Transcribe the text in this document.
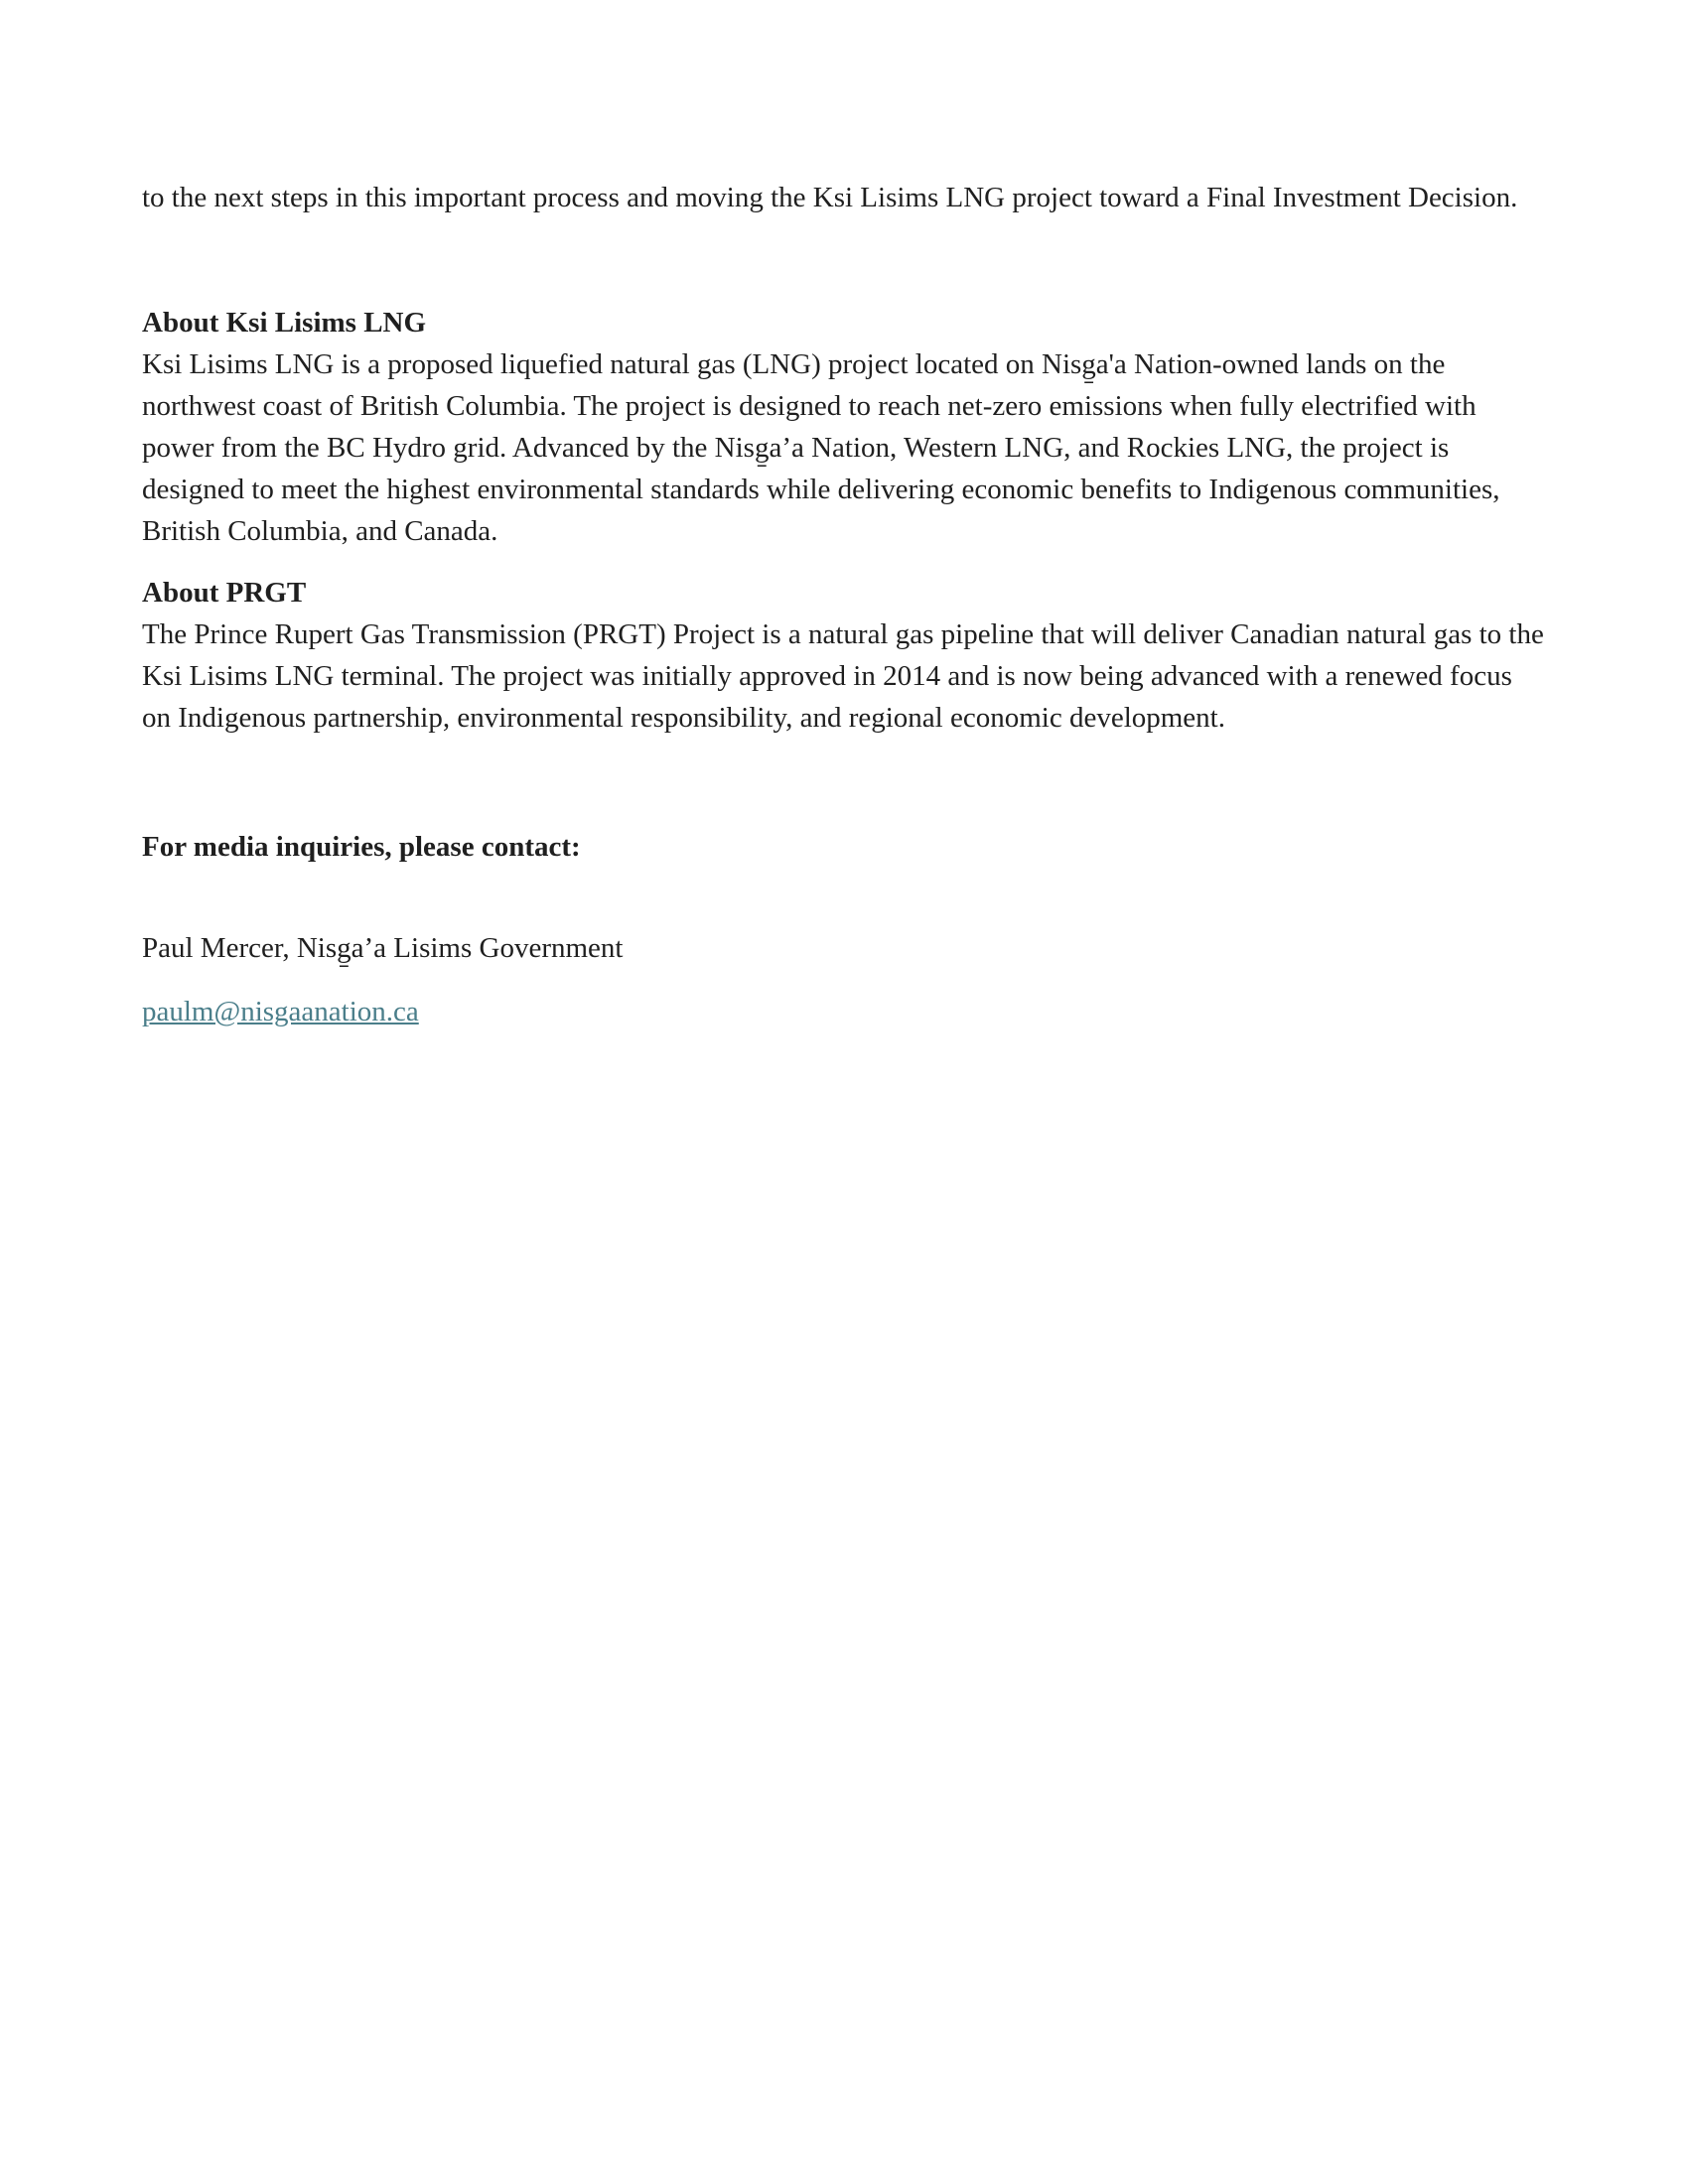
to the next steps in this important process and moving the Ksi Lisims LNG project toward a Final Investment Decision.

About Ksi Lisims LNG

Ksi Lisims LNG is a proposed liquefied natural gas (LNG) project located on Nisg̱a'a Nation-owned lands on the northwest coast of British Columbia. The project is designed to reach net-zero emissions when fully electrified with power from the BC Hydro grid. Advanced by the Nisg̱a’a Nation, Western LNG, and Rockies LNG, the project is designed to meet the highest environmental standards while delivering economic benefits to Indigenous communities, British Columbia, and Canada.

About PRGT

The Prince Rupert Gas Transmission (PRGT) Project is a natural gas pipeline that will deliver Canadian natural gas to the Ksi Lisims LNG terminal. The project was initially approved in 2014 and is now being advanced with a renewed focus on Indigenous partnership, environmental responsibility, and regional economic development.

For media inquiries, please contact:

Paul Mercer, Nisg̱a’a Lisims Government

paulm@nisgaanation.ca
